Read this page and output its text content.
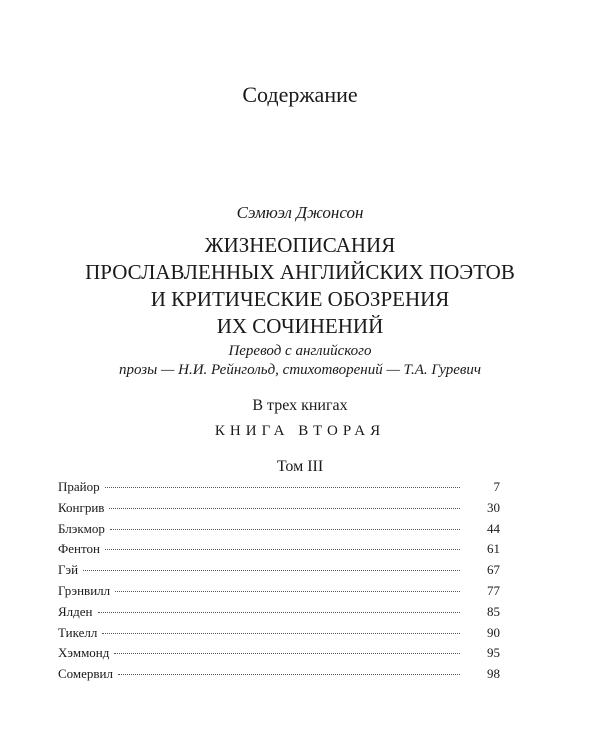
Содержание
Сэмюэл Джонсон
ЖИЗНЕОПИСАНИЯ
ПРОСЛАВЛЕННЫХ АНГЛИЙСКИХ ПОЭТОВ
И КРИТИЧЕСКИЕ ОБОЗРЕНИЯ
ИХ СОЧИНЕНИЙ
Перевод с английского
прозы — Н.И. Рейнгольд, стихотворений — Т.А. Гуревич
В трех книгах
КНИГА ВТОРАЯ
Том III
Прайор	7
Конгрив	30
Блэкмор	44
Фентон	61
Гэй	67
Грэнвилл	77
Ялден	85
Тикелл	90
Хэммонд	95
Сомервил	98
